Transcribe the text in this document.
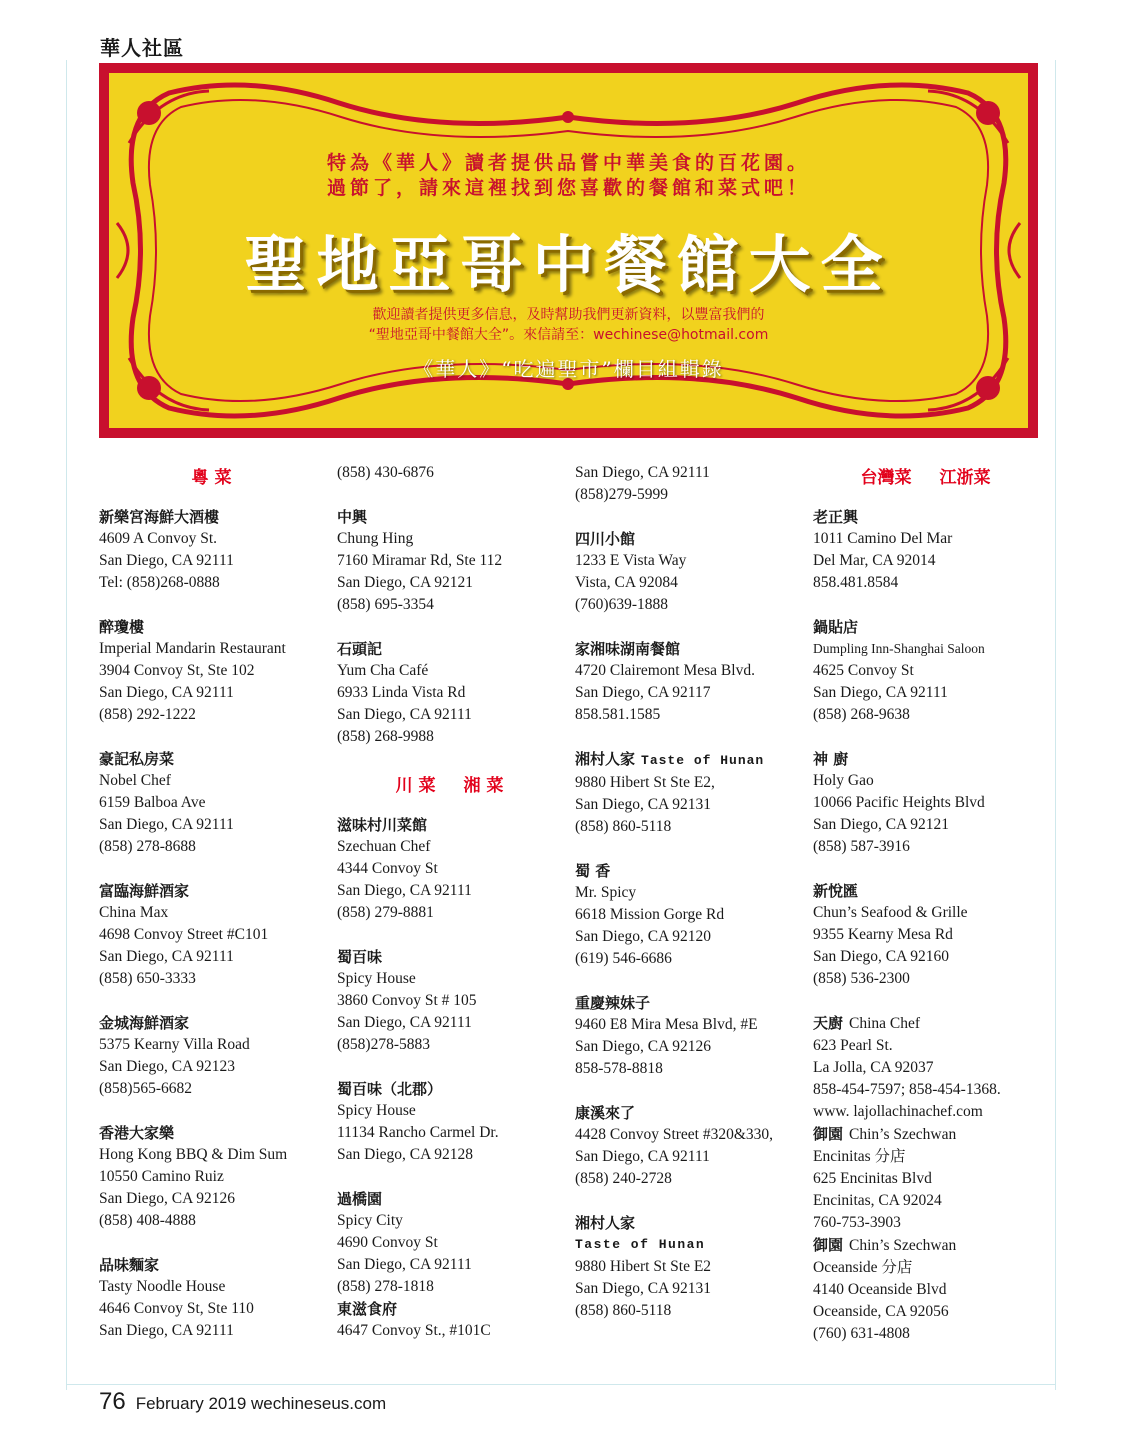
華人社區
特為《華人》讀者提供品嘗中華美食的百花園。
過節了，請來這裡找到您喜歡的餐館和菜式吧！
聖地亞哥中餐館大全
歡迎讀者提供更多信息，及時幫助我們更新資料，以豐富我們的
“聖地亞哥中餐館大全”。來信請至：wechinese@hotmail.com
《華人》“吃遍聖市”欄目組輯錄
粵 菜

新樂宮海鮮大酒樓

4609 A Convoy St.

San Diego, CA 92111

Tel: (858)268-0888

醉瓊樓

Imperial Mandarin Restaurant

3904 Convoy St, Ste 102

San Diego, CA 92111

(858) 292-1222

豪記私房菜

Nobel Chef

6159 Balboa Ave

San Diego, CA 92111

(858) 278-8688

富臨海鮮酒家

China Max

4698 Convoy Street #C101

San Diego, CA 92111

(858) 650-3333

金城海鮮酒家

5375 Kearny Villa Road

San Diego, CA 92123

(858)565-6682

香港大家樂

Hong Kong BBQ & Dim Sum

10550 Camino Ruiz

San Diego, CA 92126

(858) 408-4888

品味麵家

Tasty Noodle House

4646 Convoy St, Ste 110

San Diego, CA 92111

(858) 430-6876

中興

Chung Hing

7160 Miramar Rd, Ste 112

San Diego, CA 92121

(858) 695-3354

石頭記

Yum Cha Café

6933 Linda Vista Rd

San Diego, CA 92111

(858) 268-9988

川 菜 湘 菜

滋味村川菜館

Szechuan Chef

4344 Convoy St

San Diego, CA 92111

(858) 279-8881

蜀百味

Spicy House

3860 Convoy St # 105

San Diego, CA 92111

(858)278-5883

蜀百味（北郡）

Spicy House

11134 Rancho Carmel Dr.

San Diego, CA 92128

過橋園

Spicy City

4690 Convoy St

San Diego, CA 92111

(858) 278-1818

東滋食府

4647 Convoy St., #101C

San Diego, CA 92111

(858)279-5999

四川小館

1233 E Vista Way

Vista, CA 92084

(760)639-1888

家湘味湖南餐館

4720 Clairemont Mesa Blvd.

San Diego, CA 92117

858.581.1585

湘村人家 Taste of Hunan

9880 Hibert St Ste E2,

San Diego, CA 92131

(858) 860-5118

蜀 香

Mr. Spicy

6618 Mission Gorge Rd

San Diego, CA 92120

(619) 546-6686

重慶辣妹子

9460 E8 Mira Mesa Blvd, #E

San Diego, CA 92126

858-578-8818

康溪來了

4428 Convoy Street #320&330,

San Diego, CA 92111

(858) 240-2728

湘村人家

Taste of Hunan

9880 Hibert St Ste E2

San Diego, CA 92131

(858) 860-5118

台灣菜 江浙菜

老正興

1011 Camino Del Mar

Del Mar, CA 92014

858.481.8584

鍋貼店

Dumpling Inn-Shanghai Saloon

4625 Convoy St

San Diego, CA 92111

(858) 268-9638

神 廚

Holy Gao

10066 Pacific Heights Blvd

San Diego, CA 92121

(858) 587-3916

新悅匯

Chun’s Seafood & Grille

9355 Kearny Mesa Rd

San Diego, CA 92160

(858) 536-2300

天廚 China Chef

623 Pearl St.

La Jolla, CA 92037

858-454-7597; 858-454-1368.

www. lajollachinachef.com

御園 Chin’s Szechwan

Encinitas 分店

625 Encinitas Blvd

Encinitas, CA 92024

760-753-3903

御園 Chin’s Szechwan

Oceanside 分店

4140 Oceanside Blvd

Oceanside, CA 92056

(760) 631-4808

76 February 2019 wechineseus.com
